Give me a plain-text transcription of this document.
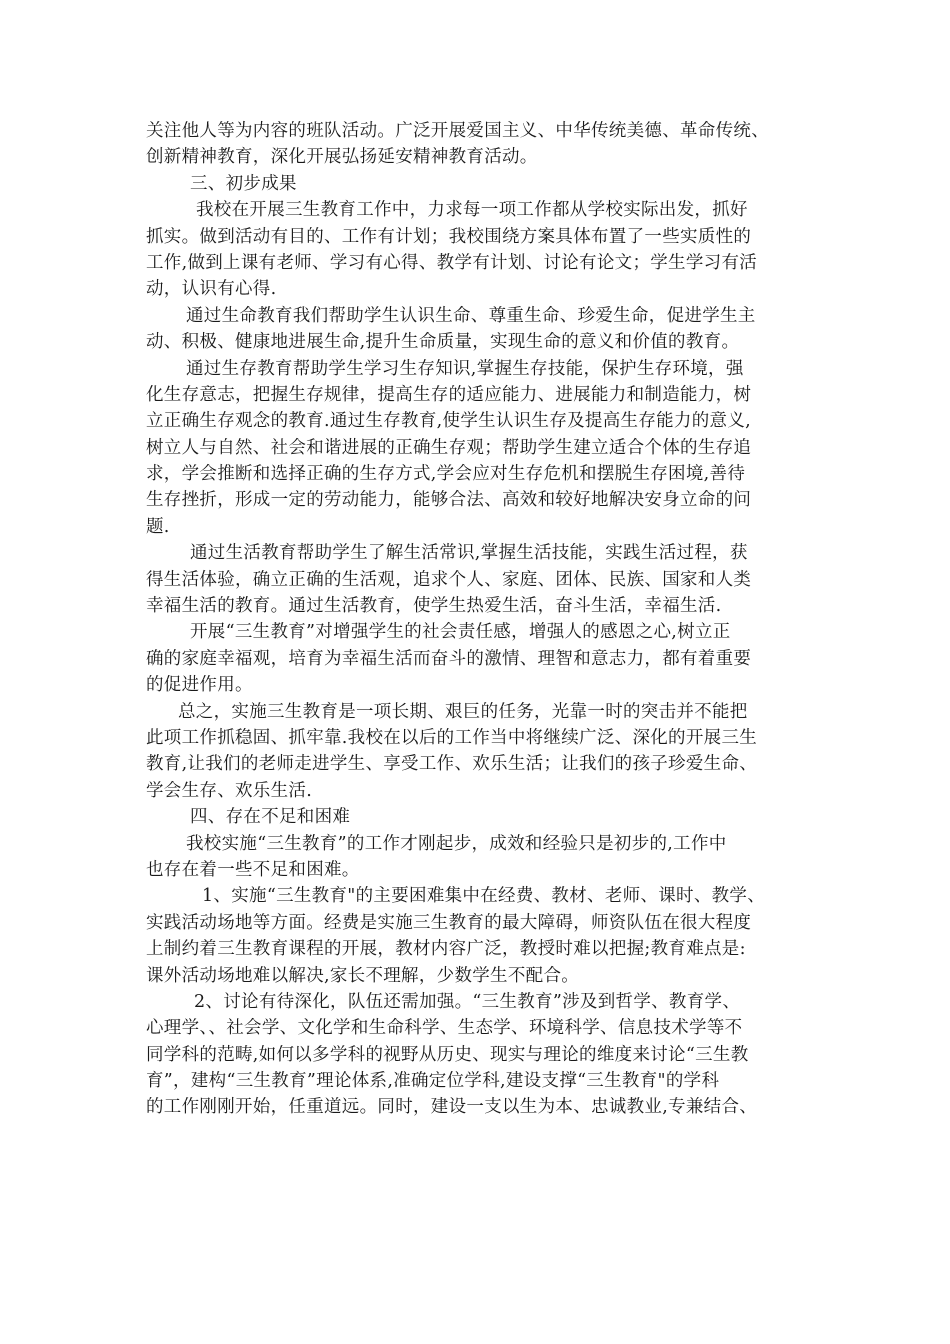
关注他人等为内容的班队活动。广泛开展爱国主义、中华传统美德、革命传统、
创新精神教育，深化开展弘扬延安精神教育活动。
三、初步成果
我校在开展三生教育工作中，力求每一项工作都从学校实际出发，抓好
抓实。做到活动有目的、工作有计划；我校围绕方案具体布置了一些实质性的
工作,做到上课有老师、学习有心得、教学有计划、讨论有论文；学生学习有活
动，认识有心得.
通过生命教育我们帮助学生认识生命、尊重生命、珍爱生命，促进学生主
动、积极、健康地进展生命,提升生命质量，实现生命的意义和价值的教育。
通过生存教育帮助学生学习生存知识,掌握生存技能，保护生存环境，强
化生存意志，把握生存规律，提高生存的适应能力、进展能力和制造能力，树
立正确生存观念的教育.通过生存教育,使学生认识生存及提高生存能力的意义,
树立人与自然、社会和谐进展的正确生存观；帮助学生建立适合个体的生存追
求，学会推断和选择正确的生存方式,学会应对生存危机和摆脱生存困境,善待
生存挫折，形成一定的劳动能力，能够合法、高效和较好地解决安身立命的问
题.
通过生活教育帮助学生了解生活常识,掌握生活技能，实践生活过程，获
得生活体验，确立正确的生活观，追求个人、家庭、团体、民族、国家和人类
幸福生活的教育。通过生活教育，使学生热爱生活，奋斗生活，幸福生活.
开展“三生教育”对增强学生的社会责任感，增强人的感恩之心,树立正
确的家庭幸福观，培育为幸福生活而奋斗的激情、理智和意志力，都有着重要
的促进作用。
总之，实施三生教育是一项长期、艰巨的任务，光靠一时的突击并不能把
此项工作抓稳固、抓牢靠.我校在以后的工作当中将继续广泛、深化的开展三生
教育,让我们的老师走进学生、享受工作、欢乐生活；让我们的孩子珍爱生命、
学会生存、欢乐生活.
四、存在不足和困难
我校实施“三生教育”的工作才刚起步，成效和经验只是初步的,工作中
也存在着一些不足和困难。
1、实施“三生教育"的主要困难集中在经费、教材、老师、课时、教学、
实践活动场地等方面。经费是实施三生教育的最大障碍，师资队伍在很大程度
上制约着三生教育课程的开展，教材内容广泛，教授时难以把握;教育难点是:
课外活动场地难以解决,家长不理解，少数学生不配合。
2、讨论有待深化，队伍还需加强。“三生教育”涉及到哲学、教育学、
心理学、、社会学、文化学和生命科学、生态学、环境科学、信息技术学等不
同学科的范畴,如何以多学科的视野从历史、现实与理论的维度来讨论“三生教
育”，建构“三生教育”理论体系,准确定位学科,建设支撑“三生教育"的学科
的工作刚刚开始，任重道远。同时，建设一支以生为本、忠诚教业,专兼结合、
